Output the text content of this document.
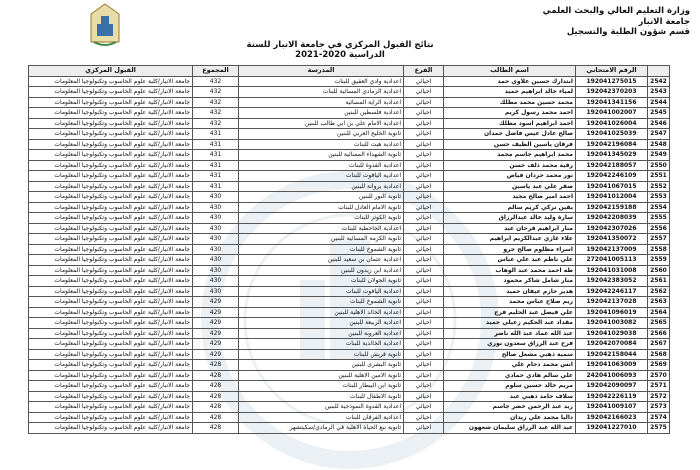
وزارة التعليم العالي والبحث العلمي
جامعة الانبار
قسم شؤون الطلبة والتسجيل
نتائج القبول المركزي في جامعة الانبار للسنة الدراسية 2020-2021
	الرقم الامتحاني	اسم الطالب	الفرع	المدرسة	المجموع	القبول المركزي
2542	192041275015	ابتدارك حسين علاوي حمد	احيائي	اعدادية وادي العقيق للبنات	432	جامعة الانبار/كلية علوم الحاسوب وتكنولوجيا المعلومات
2543	192042370203	لمياء خالد ابراهيم حميد	احيائي	اعدادية الرمادي المسائية للبنات	432	جامعة الانبار/كلية علوم الحاسوب وتكنولوجيا المعلومات
2544	192041341156	محمد حسين محمد مطلك	احيائي	اعدادية الراية المسائية	432	جامعة الانبار/كلية علوم الحاسوب وتكنولوجيا المعلومات
2545	192041002007	احمد محمد رسول كريم	احيائي	اعدادية فلسطين للبنين	432	جامعة الانبار/كلية علوم الحاسوب وتكنولوجيا المعلومات
2546	192041026004	احمد ابراهيم اسود مطلك	احيائي	اعدادية الامام علي بن ابي طالب للبنين	432	جامعة الانبار/كلية علوم الحاسوب وتكنولوجيا المعلومات
2547	192041025039	صالح عادل عيس فاضل حمدان	احيائي	ثانوية الخليج العربي للبنين	431	جامعة الانبار/كلية علوم الحاسوب وتكنولوجيا المعلومات
2548	192042196084	فرقان ياسين الطيف حسن	احيائي	اعدادية هيت للبنات	431	جامعة الانبار/كلية علوم الحاسوب وتكنولوجيا المعلومات
2549	192041345029	محمد ابراهيم جاسم محمد	احيائي	ثانوية الشهداء المسائية للبنين	431	جامعة الانبار/كلية علوم الحاسوب وتكنولوجيا المعلومات
2550	192042188057	رقية محمد ذلف حسن	احيائي	اعدادية القدوة للبنات	431	جامعة الانبار/كلية علوم الحاسوب وتكنولوجيا المعلومات
2551	192042246109	نور محمد حردان فياض	احيائي	اعدادية الياقوت للبنات	431	جامعة الانبار/كلية علوم الحاسوب وتكنولوجيا المعلومات
2552	192041067015	صقر علي عبد ياسين	احيائي	اعدادية بروانة للبنين	431	جامعة الانبار/كلية علوم الحاسوب وتكنولوجيا المعلومات
2553	192041012004	احمد امير صالح مجيد	احيائي	ثانوية النور للبنين	430	جامعة الانبار/كلية علوم الحاسوب وتكنولوجيا المعلومات
2554	192042159188	يقين تركي كريم سالم	احيائي	ثانوية الامام العادل للبنات	430	جامعة الانبار/كلية علوم الحاسوب وتكنولوجيا المعلومات
2555	192042208039	سارة وليد خالد عبدالرزاق	احيائي	ثانوية الكوثر للبنات	430	جامعة الانبار/كلية علوم الحاسوب وتكنولوجيا المعلومات
2556	192042307026	منار ابراهيم فرحان عبد	احيائي	اعدادية الجاحظية للبنات	430	جامعة الانبار/كلية علوم الحاسوب وتكنولوجيا المعلومات
2557	192041350072	علاء غازي عبدالكريم ابراهيم	احيائي	ثانوية الكرمة المسائية للبنين	430	جامعة الانبار/كلية علوم الحاسوب وتكنولوجيا المعلومات
2558	192042137009	اسراء مظلوم صالح جرو	احيائي	ثانوية الشموخ للبنات	430	جامعة الانبار/كلية علوم الحاسوب وتكنولوجيا المعلومات
2559	272041005113	علي ناظم عبد علي عباس	احيائي	اعدادية عثمان بن سعيد للبنين	430	جامعة الانبار/كلية علوم الحاسوب وتكنولوجيا المعلومات
2560	192041031008	طه احمد محمد عبد الوهاب	احيائي	اعدادية ابن زيدون للبنين	430	جامعة الانبار/كلية علوم الحاسوب وتكنولوجيا المعلومات
2561	192042383052	منار شامل شاكر محمود	احيائي	ثانوية الجولان للبنات	430	جامعة الانبار/كلية علوم الحاسوب وتكنولوجيا المعلومات
2562	192042246117	هدير حازم عيفان حميد	احيائي	اعدادية الياقوت للبنات	430	جامعة الانبار/كلية علوم الحاسوب وتكنولوجيا المعلومات
2563	192042137028	ريم صلاح عباس محمد	احيائي	ثانوية الشموخ للبنات	429	جامعة الانبار/كلية علوم الحاسوب وتكنولوجيا المعلومات
2564	192041096019	علي فيصل عبد الحليم فرج	احيائي	اعدادية الخالد الاهلية للبنين	429	جامعة الانبار/كلية علوم الحاسوب وتكنولوجيا المعلومات
2565	192041003082	مقداد عبد الحكيم زعيلي حميد	احيائي	اعدادية الربيعة للبنين	429	جامعة الانبار/كلية علوم الحاسوب وتكنولوجيا المعلومات
2566	192041029038	عبد الله عماد عبد الله ناصر	احيائي	اعدادية العروبة للبنين	429	جامعة الانبار/كلية علوم الحاسوب وتكنولوجيا المعلومات
2567	192042070084	فرح عبد الرزاق سعدون نوري	احيائي	اعدادية الخالدية للبنات	429	جامعة الانبار/كلية علوم الحاسوب وتكنولوجيا المعلومات
2568	192042158044	سمية ذهبي مشعل صالح	احيائي	ثانوية قريش للبنات	429	جامعة الانبار/كلية علوم الحاسوب وتكنولوجيا المعلومات
2569	192041063009	انس محمد دحام علي	احيائي	ثانوية البشرى للبنين	428	جامعة الانبار/كلية علوم الحاسوب وتكنولوجيا المعلومات
2570	242041006093	علي سالم هادي حمادي	احيائي	ثانوية الامين الاهلية للبنين	428	جامعة الانبار/كلية علوم الحاسوب وتكنولوجيا المعلومات
2571	192042090097	مريم خالد حسين سلوم	احيائي	ثانوية ابن البيطار للبنات	428	جامعة الانبار/كلية علوم الحاسوب وتكنولوجيا المعلومات
2572	192042226119	سلاف حامد ذهبي عبد	احيائي	ثانوية الاطفال للبنات	428	جامعة الانبار/كلية علوم الحاسوب وتكنولوجيا المعلومات
2573	192041009107	زيد عبد الرحمن خضر جاسم	احيائي	اعدادية القدوة النموذجية للبنين	428	جامعة الانبار/كلية علوم الحاسوب وتكنولوجيا المعلومات
2574	192042166023	داليا محمد علي زيدان	احيائي	اعدادية الفرقان للبنات	428	جامعة الانبار/كلية علوم الحاسوب وتكنولوجيا المعلومات
2575	192041227010	عبد الله عبد الرزاق سليمان شعهون	احيائي	ثانوية نبع الحياة الاهلية في الرمادي/سكيتشهر	428	جامعة الانبار/كلية علوم الحاسوب وتكنولوجيا المعلومات
